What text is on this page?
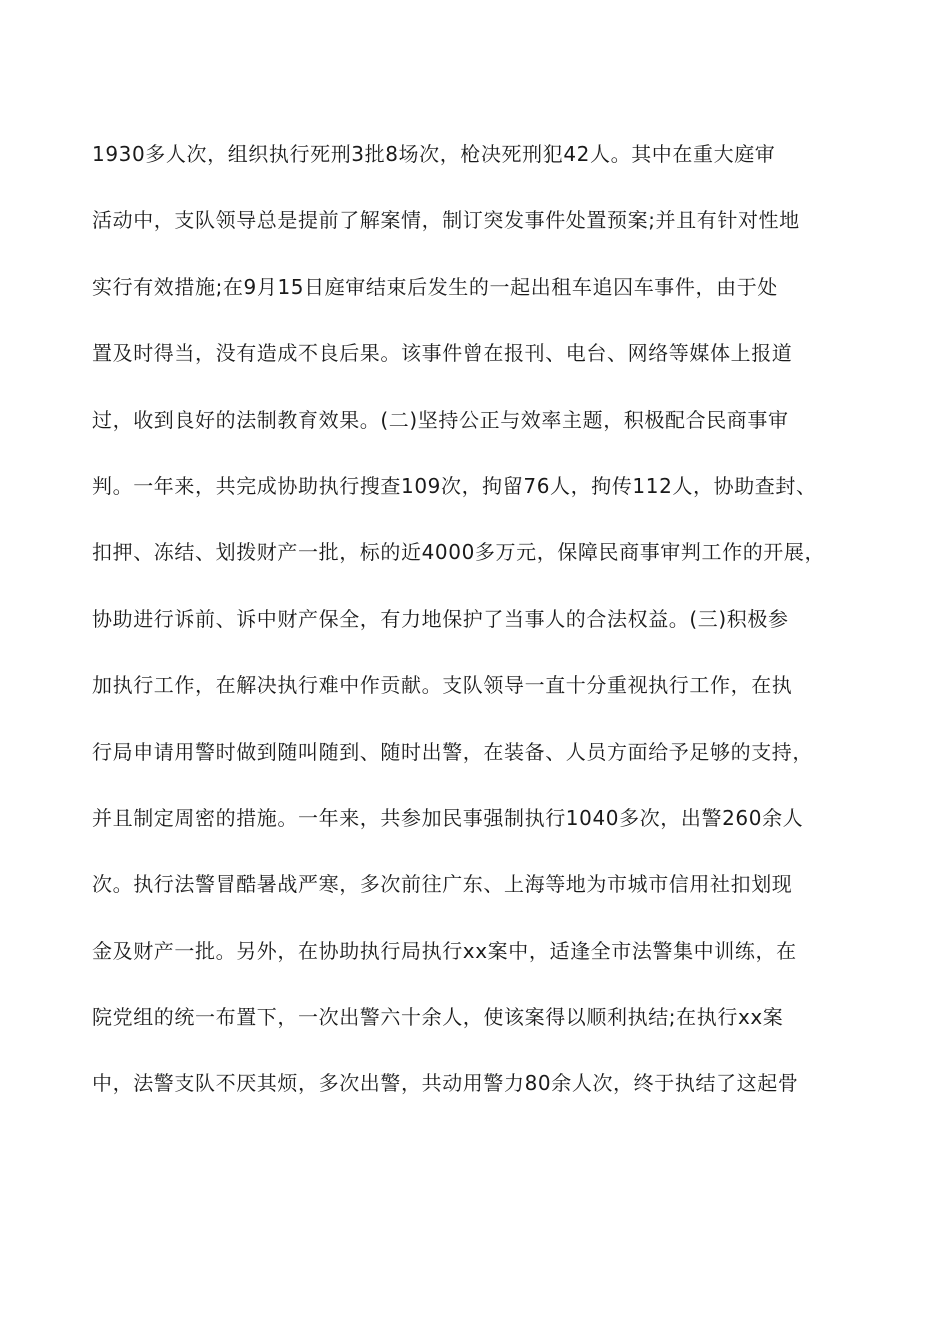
1930多人次，组织执行死刑3批8场次，枪决死刑犯42人。其中在重大庭审
活动中，支队领导总是提前了解案情，制订突发事件处置预案;并且有针对性地
实行有效措施;在9月15日庭审结束后发生的一起出租车追囚车事件，由于处
置及时得当，没有造成不良后果。该事件曾在报刊、电台、网络等媒体上报道
过，收到良好的法制教育效果。(二)坚持公正与效率主题，积极配合民商事审
判。一年来，共完成协助执行搜查109次，拘留76人，拘传112人，协助查封、
扣押、冻结、划拨财产一批，标的近4000多万元，保障民商事审判工作的开展，
协助进行诉前、诉中财产保全，有力地保护了当事人的合法权益。(三)积极参
加执行工作，在解决执行难中作贡献。支队领导一直十分重视执行工作，在执
行局申请用警时做到随叫随到、随时出警，在装备、人员方面给予足够的支持，
并且制定周密的措施。一年来，共参加民事强制执行1040多次，出警260余人
次。执行法警冒酷暑战严寒，多次前往广东、上海等地为市城市信用社扣划现
金及财产一批。另外，在协助执行局执行xx案中，适逢全市法警集中训练，在
院党组的统一布置下，一次出警六十余人，使该案得以顺利执结;在执行xx案
中，法警支队不厌其烦，多次出警，共动用警力80余人次，终于执结了这起骨
